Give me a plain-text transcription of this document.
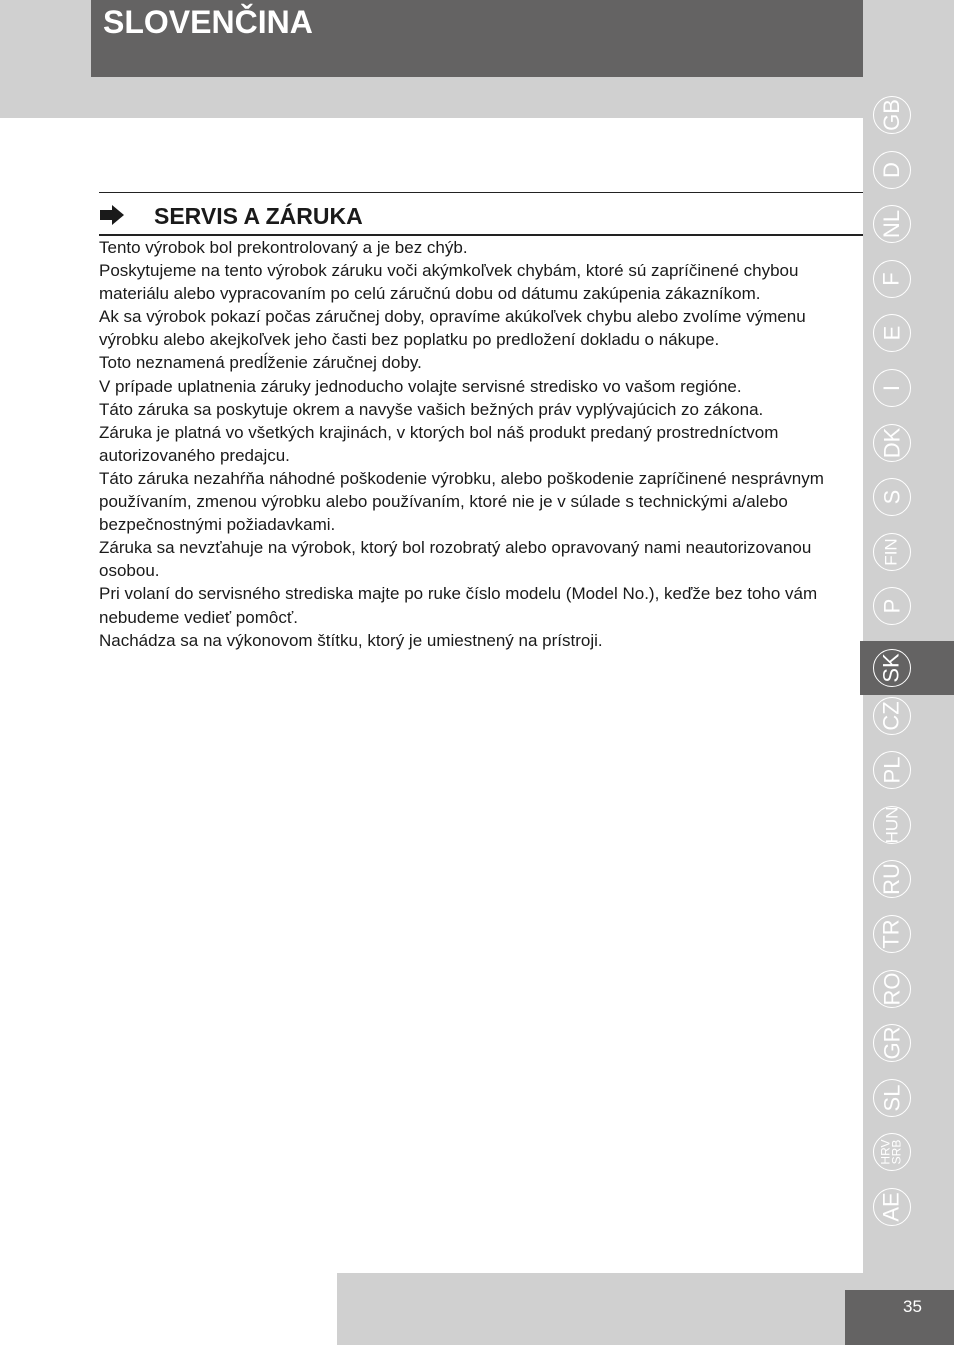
SLOVENČINA
SERVIS A ZÁRUKA

Tento výrobok bol prekontrolovaný a je bez chýb.

Poskytujeme na tento výrobok záruku voči akýmkoľvek chybám, ktoré sú zapríčinené chybou materiálu alebo vypracovaním po celú záručnú dobu od dátumu zakúpenia zákazníkom.

Ak sa výrobok pokazí počas záručnej doby, opravíme akúkoľvek chybu alebo zvolíme výmenu výrobku alebo akejkoľvek jeho časti bez poplatku po predložení dokladu o nákupe.

Toto neznamená predĺženie záručnej doby.

V prípade uplatnenia záruky jednoducho volajte servisné stredisko vo vašom regióne.

Táto záruka sa poskytuje okrem a navyše vašich bežných práv vyplývajúcich zo zákona.

Záruka je platná vo všetkých krajinách, v ktorých bol náš produkt predaný prostredníctvom autorizovaného predajcu.

Táto záruka nezahŕňa náhodné poškodenie výrobku, alebo poškodenie zapríčinené nesprávnym používaním, zmenou výrobku alebo používaním, ktoré nie je v súlade s technickými a/alebo bezpečnostnými požiadavkami.

Záruka sa nevzťahuje na výrobok, ktorý bol rozobratý alebo opravovaný nami neautorizovanou osobou.

Pri volaní do servisného strediska majte po ruke číslo modelu (Model No.), keďže bez toho vám nebudeme vedieť pomôcť.

Nachádza sa na výkonovom štítku, ktorý je umiestnený na prístroji.

GB
D
NL
F
E
I
DK
S
FIN
P
SK
CZ
PL
HUN
RU
TR
RO
GR
SL
HRV
SRB
AE
35
